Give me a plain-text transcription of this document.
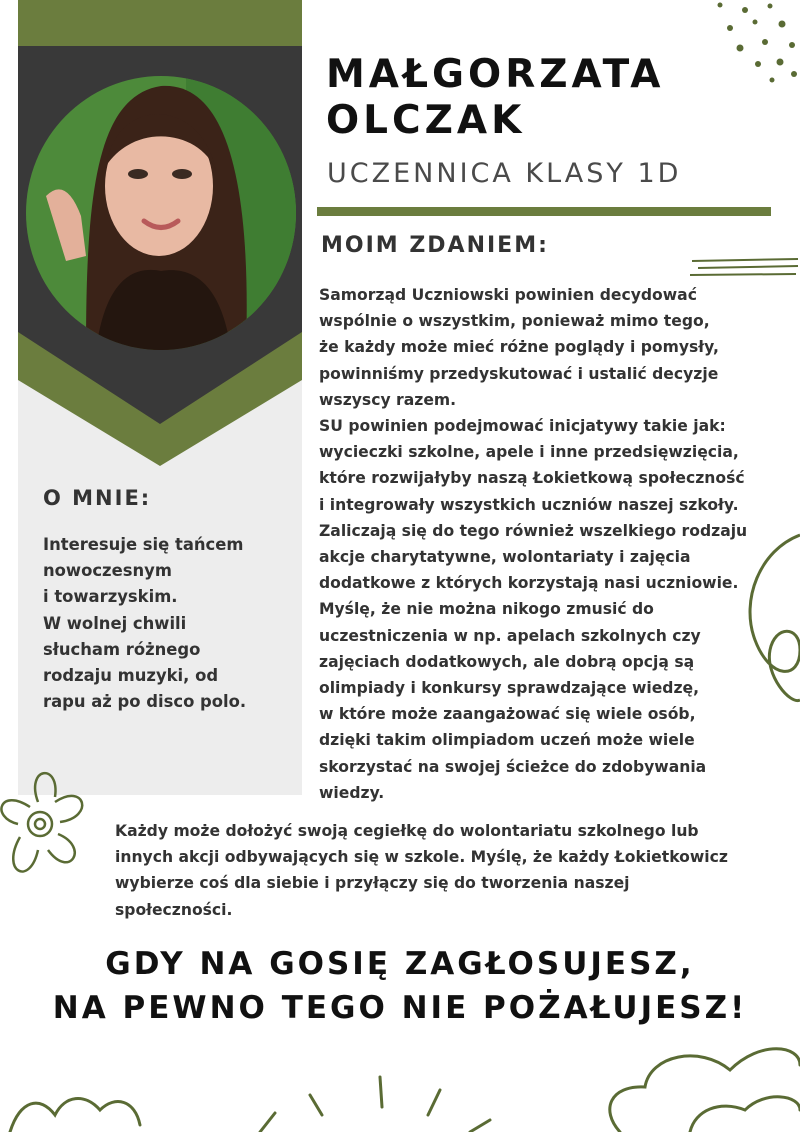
MAŁGORZATA OLCZAK
UCZENNICA KLASY 1D
MOIM ZDANIEM:
Samorząd Uczniowski powinien decydować
wspólnie o wszystkim, ponieważ mimo tego,
że każdy może mieć różne poglądy i pomysły,
powinniśmy przedyskutować i ustalić decyzje
wszyscy razem.
SU powinien podejmować inicjatywy takie jak:
wycieczki szkolne, apele i inne przedsięwzięcia,
które rozwijałyby naszą Łokietkową społeczność
i integrowały wszystkich uczniów naszej szkoły.
Zaliczają się do tego również wszelkiego rodzaju
akcje charytatywne, wolontariaty i zajęcia
dodatkowe z których korzystają nasi uczniowie.
Myślę, że nie można nikogo zmusić do
uczestniczenia w np. apelach szkolnych czy
zajęciach dodatkowych, ale dobrą opcją są
olimpiady i konkursy sprawdzające wiedzę,
w które może zaangażować się wiele osób,
dzięki takim olimpiadom uczeń może wiele
skorzystać na swojej ścieżce do zdobywania
wiedzy.
O MNIE:
Interesuje się tańcem
nowoczesnym
i towarzyskim.
W wolnej chwili
słucham różnego
rodzaju muzyki, od
rapu aż po disco polo.
Każdy może dołożyć swoją cegiełkę do wolontariatu szkolnego lub
innych akcji odbywających się w szkole. Myślę, że każdy Łokietkowicz
wybierze coś dla siebie i przyłączy się do tworzenia naszej
społeczności.
GDY NA GOSIĘ ZAGŁOSUJESZ,
NA PEWNO TEGO NIE POŻAŁUJESZ!
